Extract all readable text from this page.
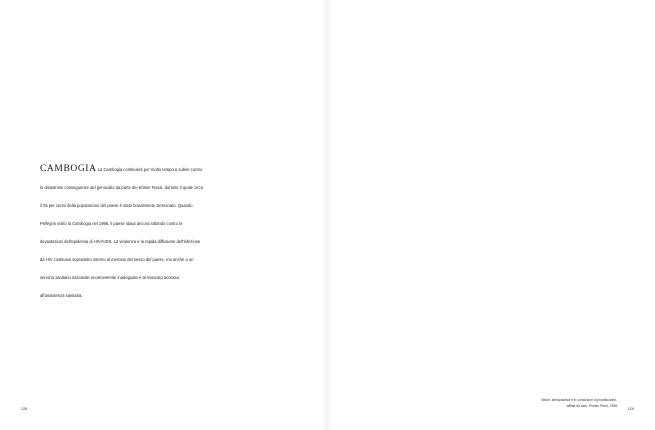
CAMBOGIA La Cambogia continuerà per molto tempo a subire contro lo disastrose conseguenze del genocidio da parte dei Khmer Rossi, durante il quale circa il 25 per cento della popolazione del paese è stato brutalmente sterminato. Quando Pellegrin visitò la Cambogia nel 1998, il paese stava ancora lottando contro le devastazioni dell'epidemia di HIV/AIDS. La virulenza e la rapida diffusione dell'infezione da HIV costituiva soprattutto interno al mercato del sesso del paese, ma anche a un servizio sanitario nazionale enormemente inadeguato e al mancato accesso all'assistenza sanitaria.
128
Ninan, sieropositiva e in condizione di prostituzione,
afflitta da aids, Phnom Penh, 1998
129
